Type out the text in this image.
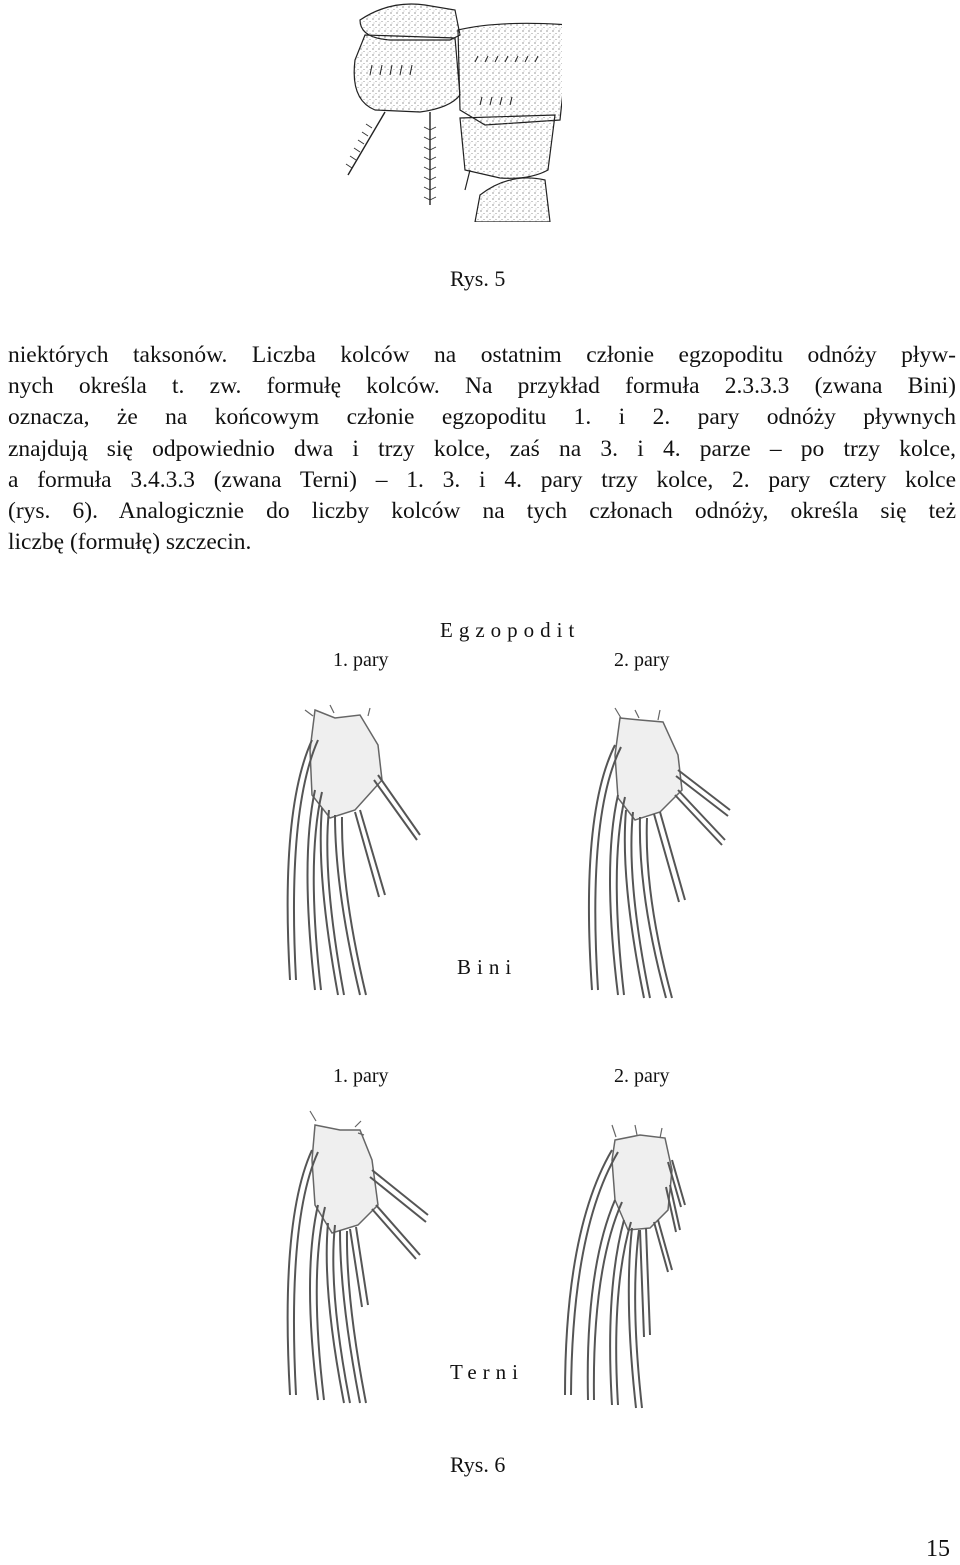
Rys. 5

niektórych taksonów. Liczba kolców na ostatnim członie egzopoditu odnóży pływ-
nych określa t. zw. formułę kolców. Na przykład formuła 2.3.3.3 (zwana Bini)
oznacza, że na końcowym członie egzopoditu 1. i 2. pary odnóży pływnych
znajdują się odpowiednio dwa i trzy kolce, zaś na 3. i 4. parze – po trzy kolce,
a formuła 3.4.3.3 (zwana Terni) – 1. 3. i 4. pary trzy kolce, 2. pary cztery kolce
(rys. 6). Analogicznie do liczby kolców na tych członach odnóży, określa się też
liczbę (formułę) szczecin.

Egzopodit
1. pary	2. pary
Bini
1. pary	2. pary
Terni
Rys. 6
15
